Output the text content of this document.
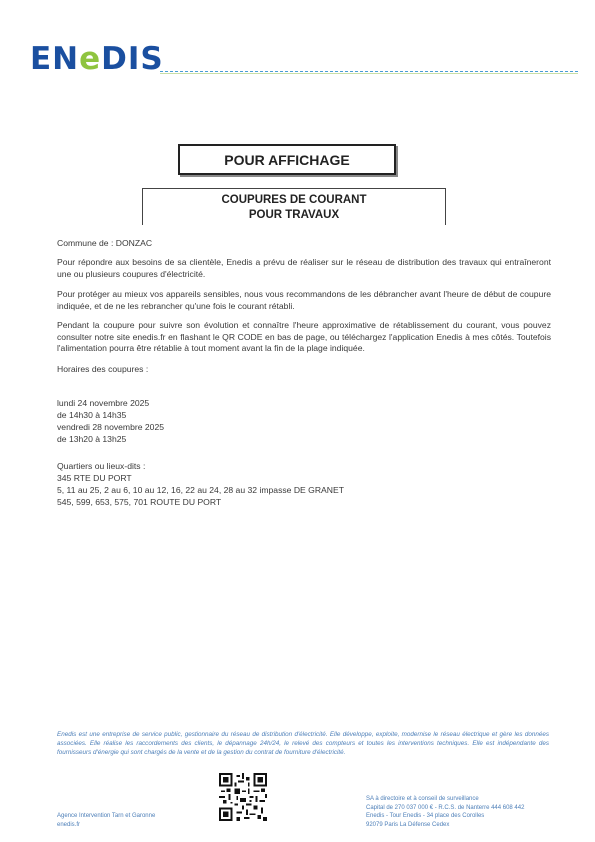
ENeDIS
POUR AFFICHAGE
COUPURES DE COURANT
POUR TRAVAUX
Commune de : DONZAC
Pour répondre aux besoins de sa clientèle, Enedis a prévu de réaliser sur le réseau de distribution des travaux qui entraîneront une ou plusieurs coupures d'électricité.
Pour protéger au mieux vos appareils sensibles, nous vous recommandons de les débrancher avant l'heure de début de coupure indiquée, et de ne les rebrancher qu'une fois le courant rétabli.
Pendant la coupure pour suivre son évolution et connaître l'heure approximative de rétablissement du courant, vous pouvez consulter notre site enedis.fr en flashant le QR CODE en bas de page, ou téléchargez l'application Enedis à mes côtés. Toutefois l'alimentation pourra être rétablie à tout moment avant la fin de la plage indiquée.
Horaires des coupures :
lundi 24 novembre 2025
de 14h30 à 14h35
vendredi 28 novembre 2025
de 13h20 à 13h25
Quartiers ou lieux-dits :
345 RTE DU PORT
5, 11 au 25, 2 au 6, 10 au 12, 16, 22 au 24, 28 au 32 impasse DE GRANET
545, 599, 653, 575, 701 ROUTE DU PORT
Enedis est une entreprise de service public, gestionnaire du réseau de distribution d'électricité. Elle développe, exploite, modernise le réseau électrique et gère les données associées. Elle réalise les raccordements des clients, le dépannage 24h/24, le relevé des compteurs et toutes les interventions techniques. Elle est indépendante des fournisseurs d'énergie qui sont chargés de la vente et de la gestion du contrat de fourniture d'électricité.
Agence Intervention Tarn et Garonne
enedis.fr
SA à directoire et à conseil de surveillance
Capital de 270 037 000 € - R.C.S. de Nanterre 444 608 442
Enedis - Tour Enedis - 34 place des Corolles
92079 Paris La Défense Cedex
